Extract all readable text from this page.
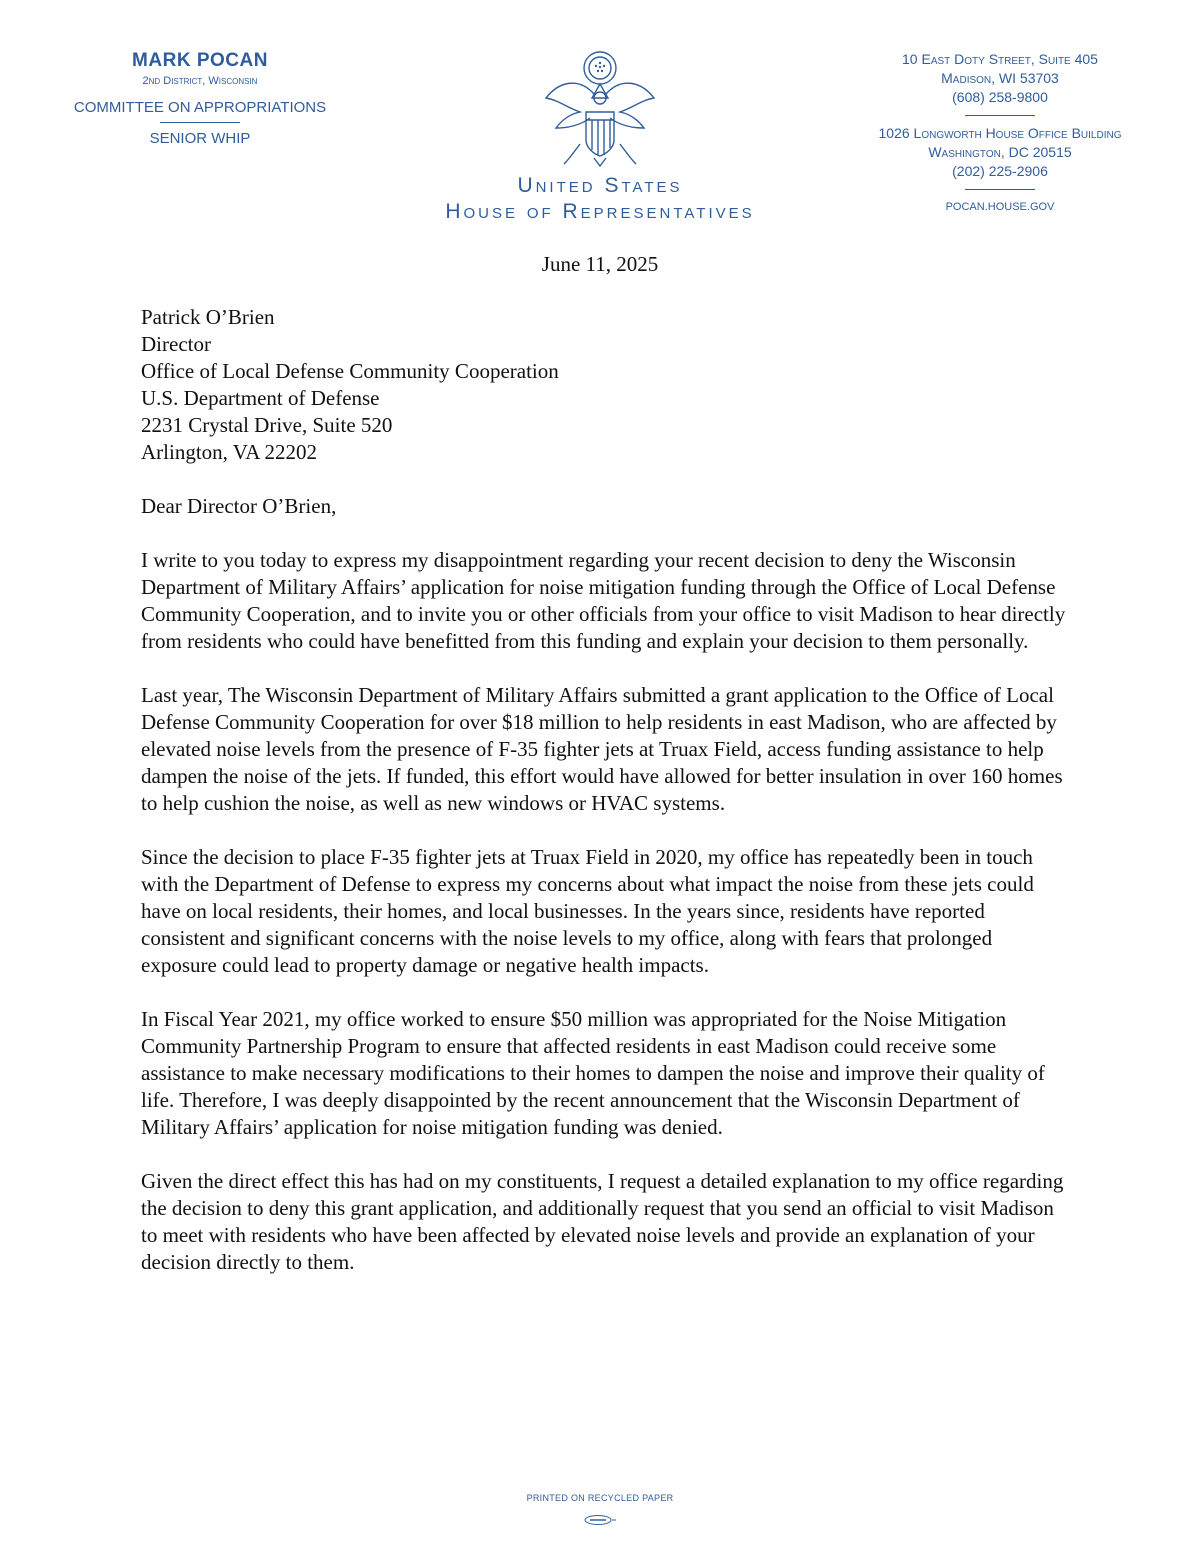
MARK POCAN
2nd District, Wisconsin
COMMITTEE ON APPROPRIATIONS
SENIOR WHIP
United States
House of Representatives
10 East Doty Street, Suite 405
Madison, WI 53703
(608) 258-9800
1026 Longworth House Office Building
Washington, DC 20515
(202) 225-2906
POCAN.HOUSE.GOV
June 11, 2025
Patrick O’Brien
Director
Office of Local Defense Community Cooperation
U.S. Department of Defense
2231 Crystal Drive, Suite 520
Arlington, VA 22202

Dear Director O’Brien,

I write to you today to express my disappointment regarding your recent decision to deny the Wisconsin Department of Military Affairs’ application for noise mitigation funding through the Office of Local Defense Community Cooperation, and to invite you or other officials from your office to visit Madison to hear directly from residents who could have benefitted from this funding and explain your decision to them personally.

Last year, The Wisconsin Department of Military Affairs submitted a grant application to the Office of Local Defense Community Cooperation for over $18 million to help residents in east Madison, who are affected by elevated noise levels from the presence of F-35 fighter jets at Truax Field, access funding assistance to help dampen the noise of the jets. If funded, this effort would have allowed for better insulation in over 160 homes to help cushion the noise, as well as new windows or HVAC systems.

Since the decision to place F-35 fighter jets at Truax Field in 2020, my office has repeatedly been in touch with the Department of Defense to express my concerns about what impact the noise from these jets could have on local residents, their homes, and local businesses. In the years since, residents have reported consistent and significant concerns with the noise levels to my office, along with fears that prolonged exposure could lead to property damage or negative health impacts.

In Fiscal Year 2021, my office worked to ensure $50 million was appropriated for the Noise Mitigation Community Partnership Program to ensure that affected residents in east Madison could receive some assistance to make necessary modifications to their homes to dampen the noise and improve their quality of life. Therefore, I was deeply disappointed by the recent announcement that the Wisconsin Department of Military Affairs’ application for noise mitigation funding was denied.

Given the direct effect this has had on my constituents, I request a detailed explanation to my office regarding the decision to deny this grant application, and additionally request that you send an official to visit Madison to meet with residents who have been affected by elevated noise levels and provide an explanation of your decision directly to them.

PRINTED ON RECYCLED PAPER
